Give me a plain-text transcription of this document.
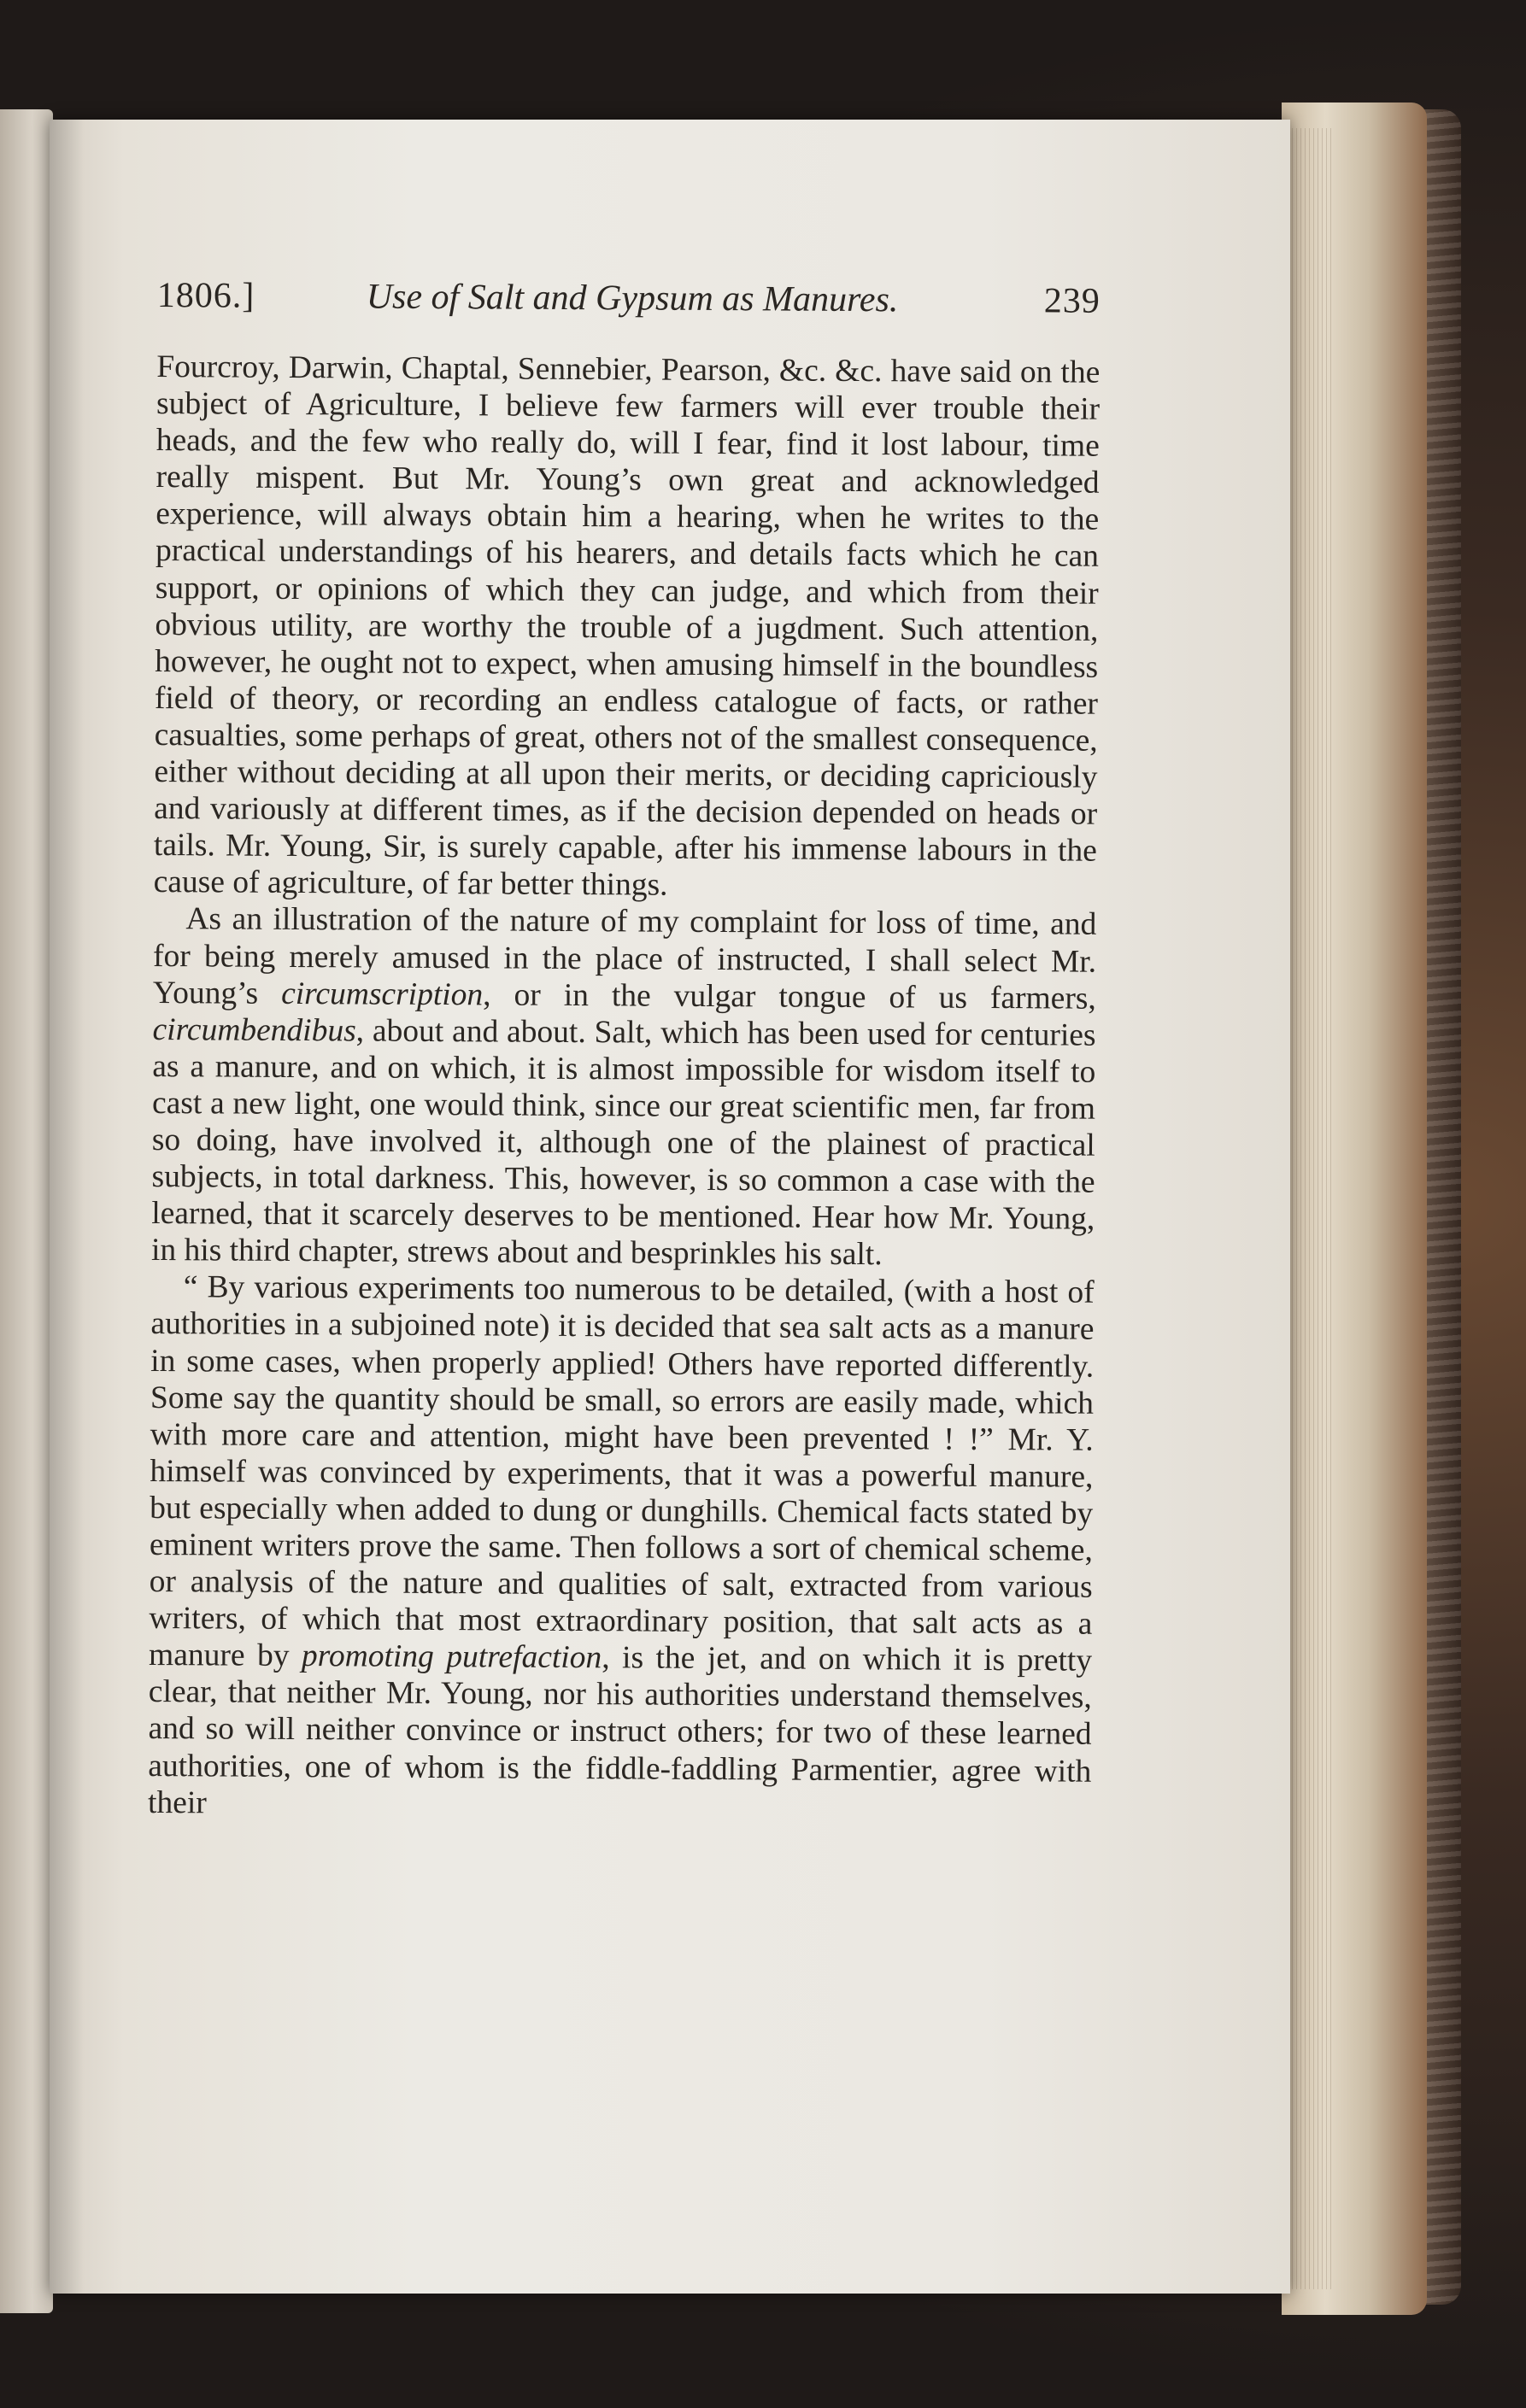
1806.]	Use of Salt and Gypsum as Manures.	239

Fourcroy, Darwin, Chaptal, Sennebier, Pearson, &c. &c. have said on the subject of Agriculture, I believe few farmers will ever trouble their heads, and the few who really do, will I fear, find it lost labour, time really mispent. But Mr. Young’s own great and acknowledged experience, will always obtain him a hearing, when he writes to the practical understandings of his hearers, and details facts which he can support, or opinions of which they can judge, and which from their obvious utility, are worthy the trouble of a jugdment. Such attention, however, he ought not to expect, when amusing himself in the boundless field of theory, or recording an endless catalogue of facts, or rather casualties, some perhaps of great, others not of the smallest consequence, either without deciding at all upon their merits, or deciding capriciously and variously at different times, as if the decision depended on heads or tails. Mr. Young, Sir, is surely capable, after his immense labours in the cause of agriculture, of far better things.

As an illustration of the nature of my complaint for loss of time, and for being merely amused in the place of instructed, I shall select Mr. Young’s circumscription, or in the vulgar tongue of us farmers, circumbendibus, about and about. Salt, which has been used for centuries as a manure, and on which, it is almost impossible for wisdom itself to cast a new light, one would think, since our great scientific men, far from so doing, have involved it, although one of the plainest of practical subjects, in total darkness. This, however, is so common a case with the learned, that it scarcely deserves to be mentioned. Hear how Mr. Young, in his third chapter, strews about and besprinkles his salt.

“ By various experiments too numerous to be detailed, (with a host of authorities in a subjoined note) it is decided that sea salt acts as a manure in some cases, when properly applied! Others have reported differently. Some say the quantity should be small, so errors are easily made, which with more care and attention, might have been prevented ! !” Mr. Y. himself was convinced by experiments, that it was a powerful manure, but especially when added to dung or dunghills. Chemical facts stated by eminent writers prove the same. Then follows a sort of chemical scheme, or analysis of the nature and qualities of salt, extracted from various writers, of which that most extraordinary position, that salt acts as a manure by promoting putrefaction, is the jet, and on which it is pretty clear, that neither Mr. Young, nor his authorities understand themselves, and so will neither convince or instruct others; for two of these learned authorities, one of whom is the fiddle-faddling Parmentier, agree with their
